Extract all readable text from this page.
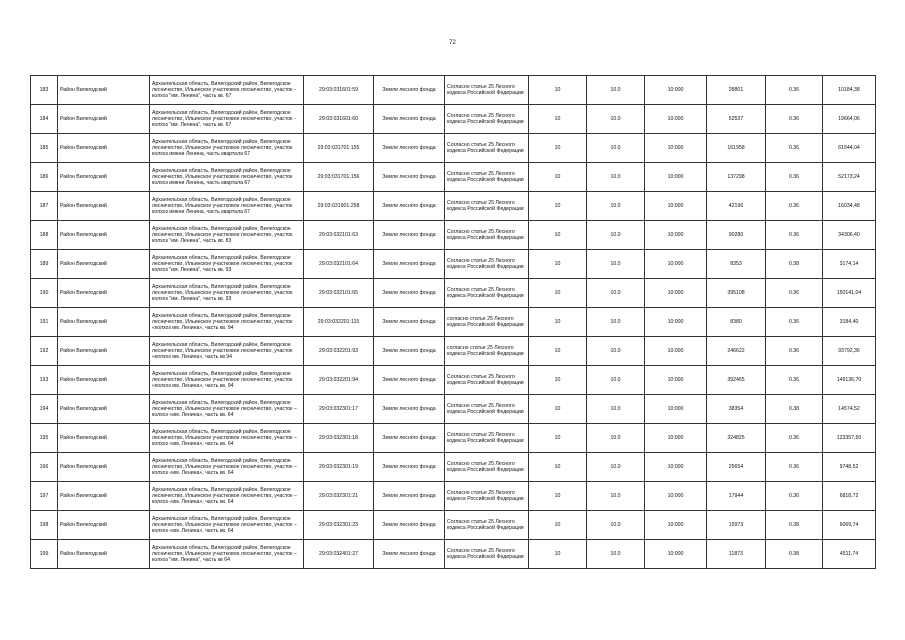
72
183	Район Вилегодский	Архангельская область, Вилегодский район, Вилегодское лесничество, Ильинское участковое лесничество, участок - колхоз "им. Ленина", часть кв. 67	29:03:031601:59	Земли лесного фонда	Согласно статье 25 Лесного кодекса Российской Федерации	10	10.0	10:000	28801	0.36	10184,38
184	Район Вилегодский	Архангельская область, Вилегодский район, Вилегодское лесничество, Ильинское участковое лесничество, участок - колхоз "им. Ленина", часть кв. 67	29:03:031601:60	Земли лесного фонда	Согласно статье 25 Лесного кодекса Российской Федерации	10	10.0	10:000	52537	0.36	19664,06
185	Район Вилегодский	Архангельская область, Вилегодский район, Вилегодское лесничество, Ильинское участковое лесничество, участок колхоз имени Ленина, часть квартала 67	29:03:031701:155	Земли лесного фонда	Согласно статье 25 Лесного кодекса Российской Федерации	10	10.0	10:000	161958	0.36	61544,04
186	Район Вилегодский	Архангельская область, Вилегодский район, Вилегодское лесничество, Ильинское участковое лесничество, участок колхоз имени Ленина, часть квартала 67	29:03:031701:156	Земли лесного фонда	Согласно статье 25 Лесного кодекса Российской Федерации	10	10.0	10:000	137298	0.36	52173,24
187	Район Вилегодский	Архангельская область, Вилегодский район, Вилегодское лесничество, Ильинское участковое лесничество, участок колхоз имени Ленина, часть квартала 67	29:03:031901:258	Земли лесного фонда	Согласно статье 25 Лесного кодекса Российской Федерации	10	10.0	10:000	42196	0.36	16034,48
188	Район Вилегодский	Архангельская область, Вилегодский район, Вилегодское лесничество, Ильинское участковое лесничество, участок колхоз "им. Ленина", часть кв. 83	29:03:032101:63	Земли лесного фонда	Согласно статье 25 Лесного кодекса Российской Федерации	10	10.0	10:000	90280	0.36	34306,40
189	Район Вилегодский	Архангельская область, Вилегодский район, Вилегодское лесничество, Ильинское участковое лесничество, участок колхоз "им. Ленина", часть кв. 93	29:03:032101:64	Земли лесного фонда	Согласно статье 25 Лесного кодекса Российской Федерации	10	10.0	10:000	8353	0.38	3174,14
190	Район Вилегодский	Архангельская область, Вилегодский район, Вилегодское лесничество, Ильинское участковое лесничество, участок колхоз "им. Ленина", часть кв. 93	29:03:032101:65	Земли лесного фонда	Согласно статье 25 Лесного кодекса Российской Федерации	10	10.0	10:000	395108	0.36	150141,04
191	Район Вилегодский	Архангельская область, Вилегодский район, Вилегодское лесничество, Ильинское участковое лесничество, участок «колхоз им. Ленина», часть кв. 94	29:03:032201:115	Земли лесного фонда	согласно статье 25 Лесного кодекса Российской Федерации	10	10.0	10:000	8380	0.36	3184,40
192	Район Вилегодский	Архангельская область, Вилегодский район, Вилегодское лесничество, Ильинское участковое лесничество, участок «колхоз им. Ленина», часть кв 94	29:03:032201:93	Земли лесного фонда	согласно статье 25 Лесного кодекса Российской Федерации	10	10.0	10:000	246622	0.36	93792,36
193	Район Вилегодский	Архангельская область, Вилегодский район, Вилегодское лесничество, Ильинское участковое лесничество, участок «колхоз им. Ленина», часть кв. 94	29:03:032201:94	Земли лесного фонда	Согласно статье 25 Лесного кодекса Российской Федерации	10	10.0	10:000	392465	0.36	149136,70
194	Район Вилегодский	Архангельская область, Вилегодский район, Вилегодское лесничество, Ильинское участковое лесничество, участок – колхоз «им. Ленина», часть кв. 64	29:03:032301:17	Земли лесного фонда	Согласно статье 25 Лесного кодекса Российской Федерации	10	10.0	10:000	38354	0.38	14574,52
195	Район Вилегодский	Архангельская область, Вилегодский район, Вилегодское лесничество, Ильинское участковое лесничество, участок – колхоз «им. Ленина», часть кв. 64	29:03:032301:18	Земли лесного фонда	Согласно статье 25 Лесного кодекса Российской Федерации	10	10.0	10:000	324825	0.36	123357,50
196	Район Вилегодский	Архангельская область, Вилегодский район, Вилегодское лесничество, Ильинское участковое лесничество, участок – колхоз «им. Ленина», часть кв. 64	29:03:032301:19	Земли лесного фонда	Согласно статье 25 Лесного кодекса Российской Федерации	10	10.0	10:000	25654	0.36	9748,52
197	Район Вилегодский	Архангельская область, Вилегодский район, Вилегодское лесничество, Ильинское участковое лесничество, участок – колхоз «им. Ленина», часть кв. 64	29:03:032301:21	Земли лесного фонда	Согласно статье 25 Лесного кодекса Российской Федерации	10	10.0	10:000	17944	0.36	6818,72
198	Район Вилегодский	Архангельская область, Вилегодский район, Вилегодское лесничество, Ильинское участковое лесничество, участок – колхоз «им. Ленина», часть кв. 64	29:03:032301:23	Земли лесного фонда	Согласно статье 25 Лесного кодекса Российской Федерации	10	10.0	10:000	15973	0.38	6069,74
199	Район Вилегодский	Архангельская область, Вилегодский район, Вилегодское лесничество, Ильинское участковое лесничество, участок – колхоз "им. Ленина", часть кв 64	29:03:032401:27	Земли лесного фонда	Согласно статье 25 Лесного кодекса Российской Федерации	10	10.0	10:000	11873	0.38	4511,74
